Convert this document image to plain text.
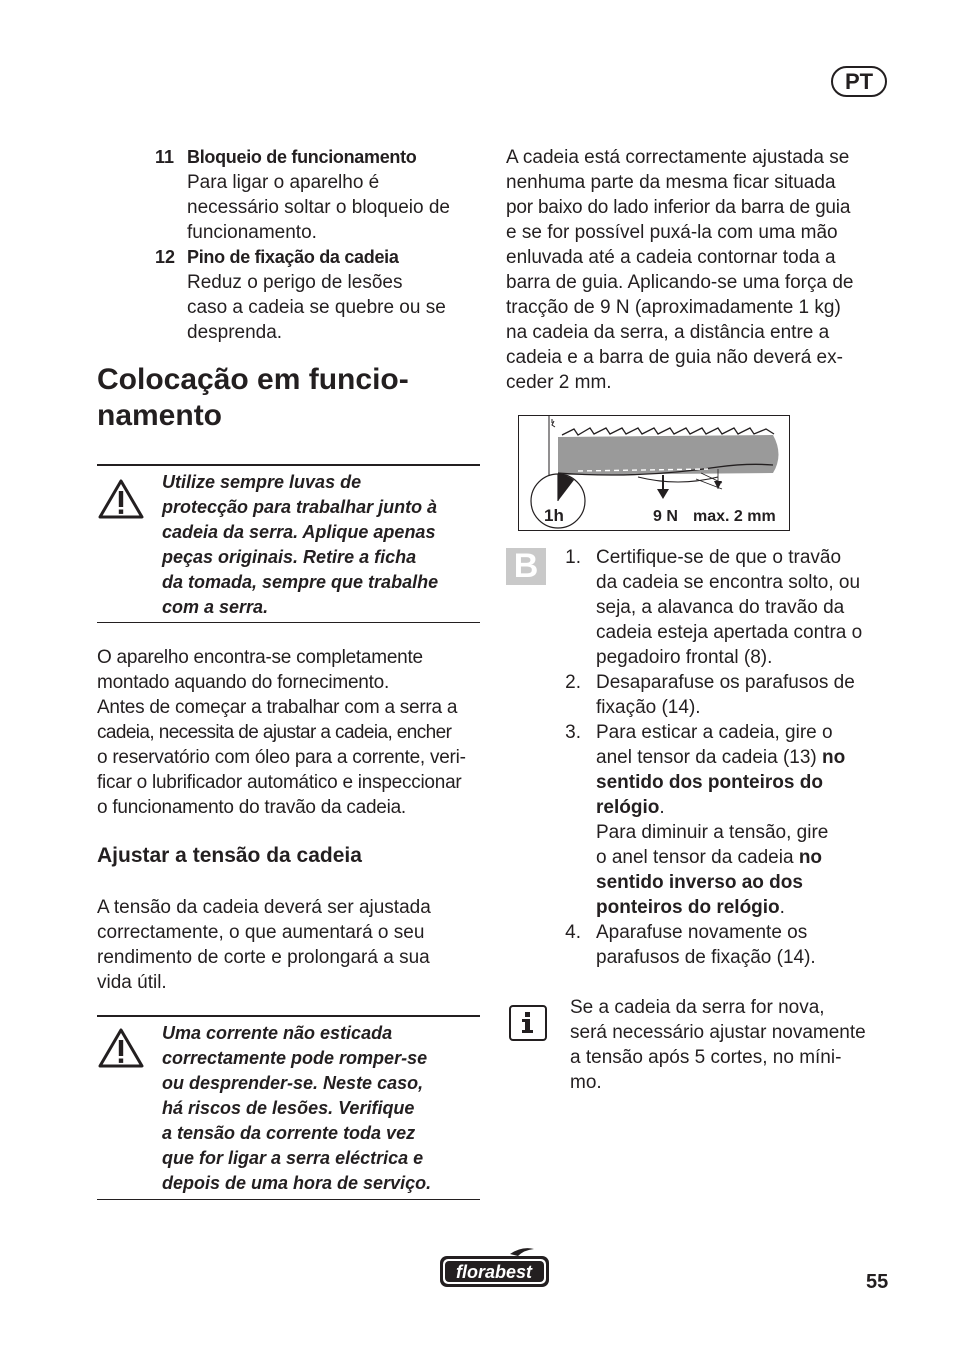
PT
11 Bloqueio de funcionamento
Para ligar o aparelho é
necessário soltar o bloqueio de
funcionamento.
12 Pino de fixação da cadeia
Reduz o perigo de lesões
caso a cadeia se quebre ou se
desprenda.
Colocação em funcio-
namento
Utilize sempre luvas de
protecção para trabalhar junto à
cadeia da serra. Aplique apenas
peças originais. Retire a ficha
da tomada, sempre que trabalhe
com a serra.
O aparelho encontra-se completamente
montado aquando do fornecimento.
Antes de começar a trabalhar com a serra a
cadeia, necessita de ajustar a cadeia, encher
o reservatório com óleo para a corrente, veri-
ficar o lubrificador automático e inspeccionar
o funcionamento do travão da cadeia.
Ajustar a tensão da cadeia
A tensão da cadeia deverá ser ajustada
correctamente, o que aumentará o seu
rendimento de corte e prolongará a sua
vida útil.
Uma corrente não esticada
correctamente pode romper-se
ou desprender-se. Neste caso,
há riscos de lesões. Verifique
a tensão da corrente toda vez
que for ligar a serra eléctrica e
depois de uma hora de serviço.
A cadeia está correctamente ajustada se
nenhuma parte da mesma ficar situada
por baixo do lado inferior da barra de guia
e se for possível puxá-la com uma mão
enluvada até a cadeia contornar toda a
barra de guia. Aplicando-se uma força de
tracção de 9 N (aproximadamente 1 kg)
na cadeia da serra, a distância entre a
cadeia e a barra de guia não deverá ex-
ceder 2 mm.
1h	9 N max. 2 mm
B	1. Certifique-se de que o travão
da cadeia se encontra solto, ou
seja, a alavanca do travão da
cadeia esteja apertada contra o
pegadoiro frontal (8).
2. Desaparafuse os parafusos de
fixação (14).
3. Para esticar a cadeia, gire o
anel tensor da cadeia (13) no
sentido dos ponteiros do
relógio.
Para diminuir a tensão, gire
o anel tensor da cadeia no
sentido inverso ao dos
ponteiros do relógio.
4. Aparafuse novamente os
parafusos de fixação (14).
Se a cadeia da serra for nova,
será necessário ajustar novamente
a tensão após 5 cortes, no míni-
mo.
florabest	55
